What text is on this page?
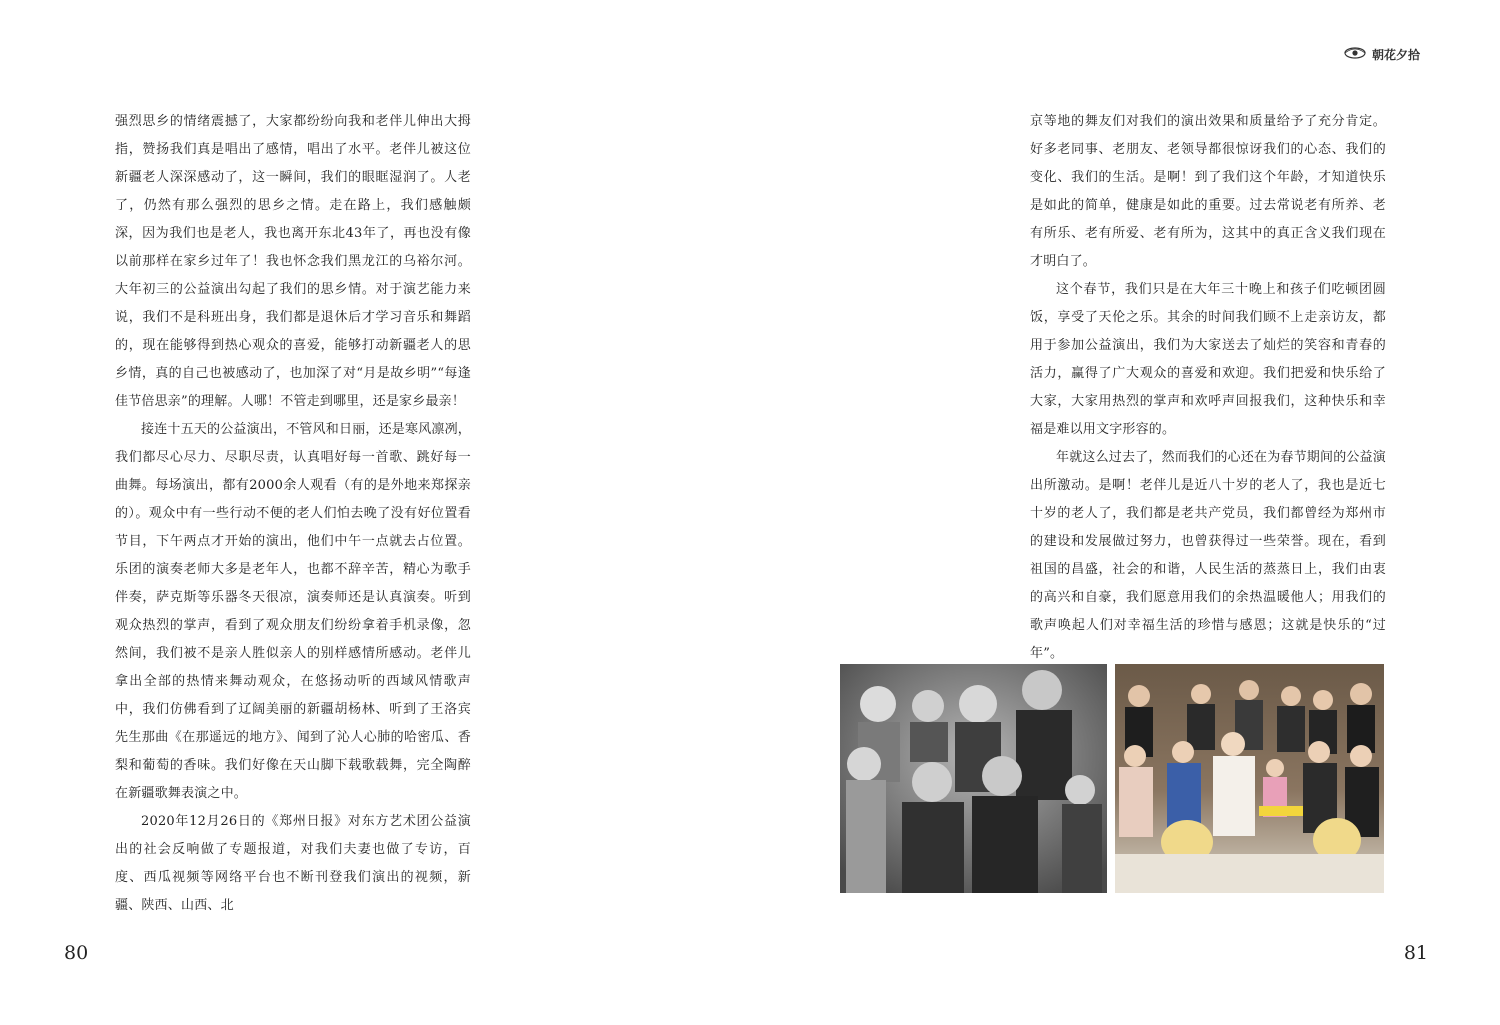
朝花夕拾

强烈思乡的情绪震撼了，大家都纷纷向我和老伴儿伸出大拇指，赞扬我们真是唱出了感情，唱出了水平。老伴儿被这位新疆老人深深感动了，这一瞬间，我们的眼眶湿润了。人老了，仍然有那么强烈的思乡之情。走在路上，我们感触颇深，因为我们也是老人，我也离开东北43年了，再也没有像以前那样在家乡过年了！我也怀念我们黑龙江的乌裕尔河。大年初三的公益演出勾起了我们的思乡情。对于演艺能力来说，我们不是科班出身，我们都是退休后才学习音乐和舞蹈的，现在能够得到热心观众的喜爱，能够打动新疆老人的思乡情，真的自己也被感动了，也加深了对“月是故乡明”“每逢佳节倍思亲”的理解。人哪！不管走到哪里，还是家乡最亲！

接连十五天的公益演出，不管风和日丽，还是寒风凛冽，我们都尽心尽力、尽职尽责，认真唱好每一首歌、跳好每一曲舞。每场演出，都有2000余人观看（有的是外地来郑探亲的）。观众中有一些行动不便的老人们怕去晚了没有好位置看节目，下午两点才开始的演出，他们中午一点就去占位置。乐团的演奏老师大多是老年人，也都不辞辛苦，精心为歌手伴奏，萨克斯等乐器冬天很凉，演奏师还是认真演奏。听到观众热烈的掌声，看到了观众朋友们纷纷拿着手机录像，忽然间，我们被不是亲人胜似亲人的别样感情所感动。老伴儿拿出全部的热情来舞动观众，在悠扬动听的西域风情歌声中，我们仿佛看到了辽阔美丽的新疆胡杨林、听到了王洛宾先生那曲《在那遥远的地方》、闻到了沁人心肺的哈密瓜、香梨和葡萄的香味。我们好像在天山脚下载歌载舞，完全陶醉在新疆歌舞表演之中。

2020年12月26日的《郑州日报》对东方艺术团公益演出的社会反响做了专题报道，对我们夫妻也做了专访，百度、西瓜视频等网络平台也不断刊登我们演出的视频，新疆、陕西、山西、北

京等地的舞友们对我们的演出效果和质量给予了充分肯定。好多老同事、老朋友、老领导都很惊讶我们的心态、我们的变化、我们的生活。是啊！到了我们这个年龄，才知道快乐是如此的简单，健康是如此的重要。过去常说老有所养、老有所乐、老有所爱、老有所为，这其中的真正含义我们现在才明白了。

这个春节，我们只是在大年三十晚上和孩子们吃顿团圆饭，享受了天伦之乐。其余的时间我们顾不上走亲访友，都用于参加公益演出，我们为大家送去了灿烂的笑容和青春的活力，赢得了广大观众的喜爱和欢迎。我们把爱和快乐给了大家，大家用热烈的掌声和欢呼声回报我们，这种快乐和幸福是难以用文字形容的。

年就这么过去了，然而我们的心还在为春节期间的公益演出所激动。是啊！老伴儿是近八十岁的老人了，我也是近七十岁的老人了，我们都是老共产党员，我们都曾经为郑州市的建设和发展做过努力，也曾获得过一些荣誉。现在，看到祖国的昌盛，社会的和谐，人民生活的蒸蒸日上，我们由衷的高兴和自豪，我们愿意用我们的余热温暖他人；用我们的歌声唤起人们对幸福生活的珍惜与感恩；这就是快乐的“过年”。

80	81
